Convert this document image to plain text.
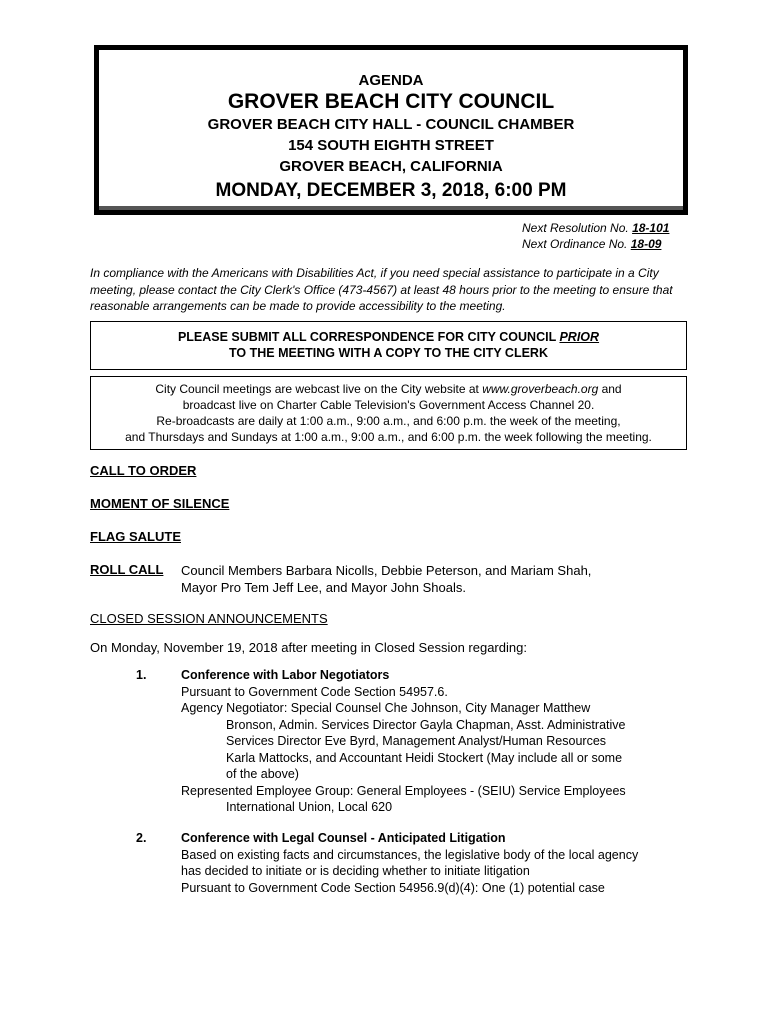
AGENDA
GROVER BEACH CITY COUNCIL
GROVER BEACH CITY HALL - COUNCIL CHAMBER
154 SOUTH EIGHTH STREET
GROVER BEACH, CALIFORNIA
MONDAY, DECEMBER 3, 2018, 6:00 PM
Next Resolution No. 18-101
Next Ordinance No. 18-09
In compliance with the Americans with Disabilities Act, if you need special assistance to participate in a City meeting, please contact the City Clerk's Office (473-4567) at least 48 hours prior to the meeting to ensure that reasonable arrangements can be made to provide accessibility to the meeting.
PLEASE SUBMIT ALL CORRESPONDENCE FOR CITY COUNCIL PRIOR
TO THE MEETING WITH A COPY TO THE CITY CLERK
City Council meetings are webcast live on the City website at www.groverbeach.org and
broadcast live on Charter Cable Television's Government Access Channel 20.
Re-broadcasts are daily at 1:00 a.m., 9:00 a.m., and 6:00 p.m. the week of the meeting,
and Thursdays and Sundays at 1:00 a.m., 9:00 a.m., and 6:00 p.m. the week following the meeting.
CALL TO ORDER
MOMENT OF SILENCE
FLAG SALUTE
ROLL CALL Council Members Barbara Nicolls, Debbie Peterson, and Mariam Shah,
Mayor Pro Tem Jeff Lee, and Mayor John Shoals.
CLOSED SESSION ANNOUNCEMENTS
On Monday, November 19, 2018 after meeting in Closed Session regarding:
1.	Conference with Labor Negotiators
Pursuant to Government Code Section 54957.6.
Agency Negotiator: Special Counsel Che Johnson, City Manager Matthew
Bronson, Admin. Services Director Gayla Chapman, Asst. Administrative
Services Director Eve Byrd, Management Analyst/Human Resources
Karla Mattocks, and Accountant Heidi Stockert (May include all or some
of the above)
Represented Employee Group: General Employees - (SEIU) Service Employees
International Union, Local 620
2.	Conference with Legal Counsel - Anticipated Litigation
Based on existing facts and circumstances, the legislative body of the local agency
has decided to initiate or is deciding whether to initiate litigation
Pursuant to Government Code Section 54956.9(d)(4): One (1) potential case
